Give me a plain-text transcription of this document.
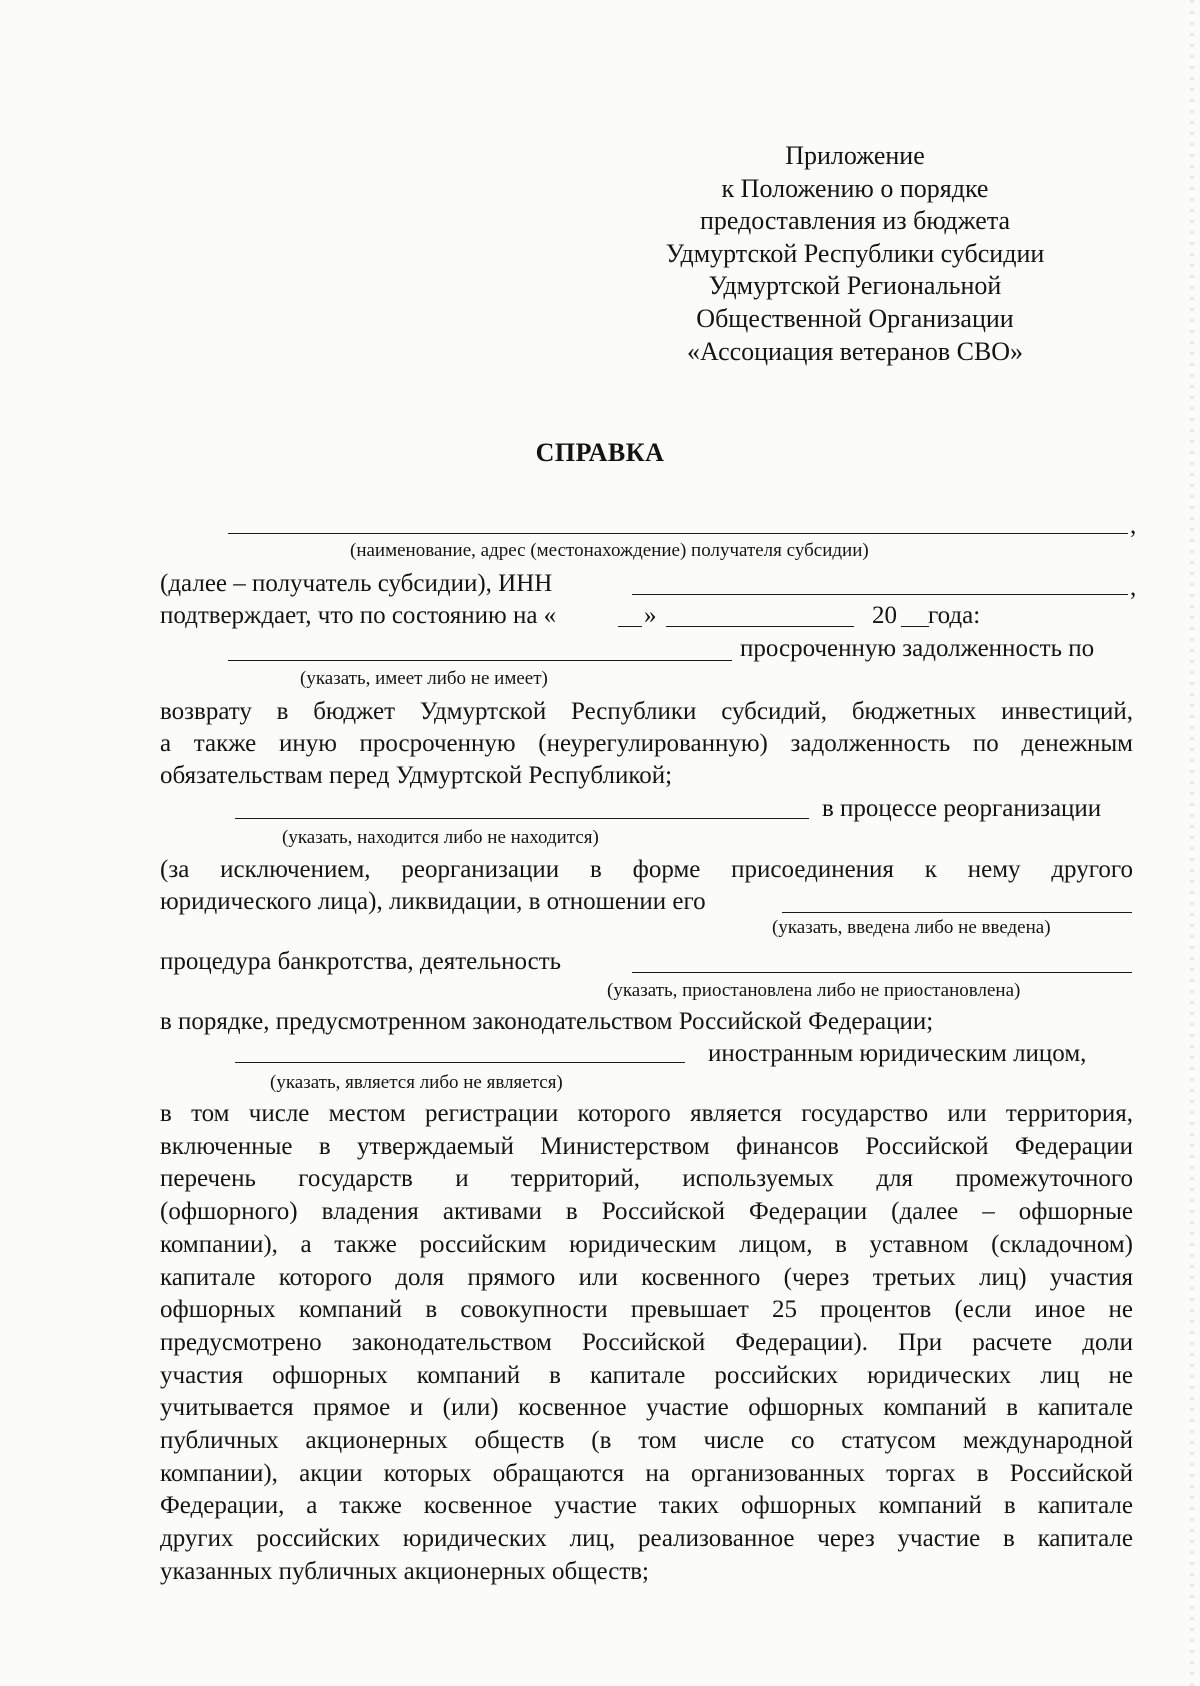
Приложение
к Положению о порядке
предоставления из бюджета
Удмуртской Республики субсидии
Удмуртской Региональной
Общественной Организации
«Ассоциация ветеранов СВО»
СПРАВКА
,
(наименование, адрес (местонахождение) получателя субсидии)
(далее – получатель субсидии), ИНН	,
подтверждает, что по состоянию на «	»	20 года:
просроченную задолженность по
(указать, имеет либо не имеет)
возврату в бюджет Удмуртской Республики субсидий, бюджетных инвестиций,
а также иную просроченную (неурегулированную) задолженность по денежным
обязательствам перед Удмуртской Республикой;
в процессе реорганизации
(указать, находится либо не находится)
(за исключением, реорганизации в форме присоединения к нему другого
юридического лица), ликвидации, в отношении его
(указать, введена либо не введена)
процедура банкротства, деятельность
(указать, приостановлена либо не приостановлена)
в порядке, предусмотренном законодательством Российской Федерации;
иностранным юридическим лицом,
(указать, является либо не является)
в том числе местом регистрации которого является государство или территория,
включенные в утверждаемый Министерством финансов Российской Федерации
перечень государств и территорий, используемых для промежуточного
(офшорного) владения активами в Российской Федерации (далее – офшорные
компании), а также российским юридическим лицом, в уставном (складочном)
капитале которого доля прямого или косвенного (через третьих лиц) участия
офшорных компаний в совокупности превышает 25 процентов (если иное не
предусмотрено законодательством Российской Федерации). При расчете доли
участия офшорных компаний в капитале российских юридических лиц не
учитывается прямое и (или) косвенное участие офшорных компаний в капитале
публичных акционерных обществ (в том числе со статусом международной
компании), акции которых обращаются на организованных торгах в Российской
Федерации, а также косвенное участие таких офшорных компаний в капитале
других российских юридических лиц, реализованное через участие в капитале
указанных публичных акционерных обществ;
